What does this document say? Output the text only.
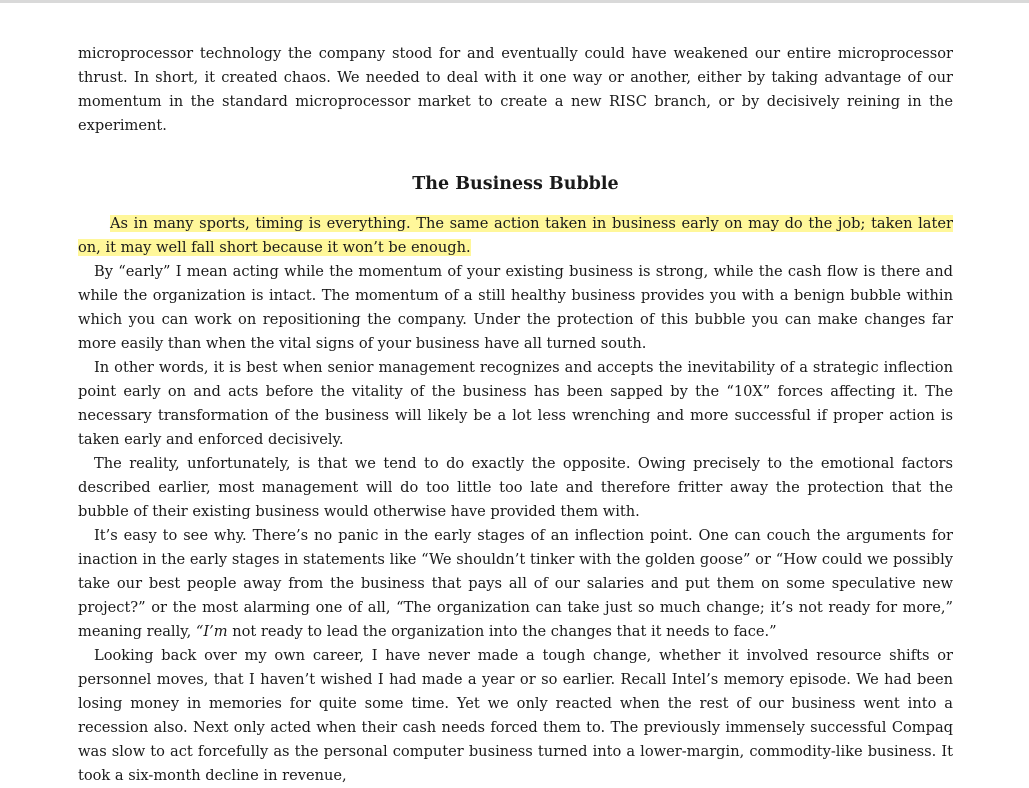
microprocessor technology the company stood for and eventually could have weakened our entire microprocessor thrust. In short, it created chaos. We needed to deal with it one way or another, either by taking advantage of our momentum in the standard microprocessor market to create a new RISC branch, or by decisively reining in the experiment.

The Business Bubble

As in many sports, timing is everything. The same action taken in business early on may do the job; taken later on, it may well fall short because it won’t be enough.

By “early” I mean acting while the momentum of your existing business is strong, while the cash flow is there and while the organization is intact. The momentum of a still healthy business provides you with a benign bubble within which you can work on repositioning the company. Under the protection of this bubble you can make changes far more easily than when the vital signs of your business have all turned south.

In other words, it is best when senior management recognizes and accepts the inevitability of a strategic inflection point early on and acts before the vitality of the business has been sapped by the “10X” forces affecting it. The necessary transformation of the business will likely be a lot less wrenching and more successful if proper action is taken early and enforced decisively.

The reality, unfortunately, is that we tend to do exactly the opposite. Owing precisely to the emotional factors described earlier, most management will do too little too late and therefore fritter away the protection that the bubble of their existing business would otherwise have provided them with.

It’s easy to see why. There’s no panic in the early stages of an inflection point. One can couch the arguments for inaction in the early stages in statements like “We shouldn’t tinker with the golden goose” or “How could we possibly take our best people away from the business that pays all of our salaries and put them on some speculative new project?” or the most alarming one of all, “The organization can take just so much change; it’s not ready for more,” meaning really, “I’m not ready to lead the organization into the changes that it needs to face.”

Looking back over my own career, I have never made a tough change, whether it involved resource shifts or personnel moves, that I haven’t wished I had made a year or so earlier. Recall Intel’s memory episode. We had been losing money in memories for quite some time. Yet we only reacted when the rest of our business went into a recession also. Next only acted when their cash needs forced them to. The previously immensely successful Compaq was slow to act forcefully as the personal computer business turned into a lower-margin, commodity-like business. It took a six-month decline in revenue,
